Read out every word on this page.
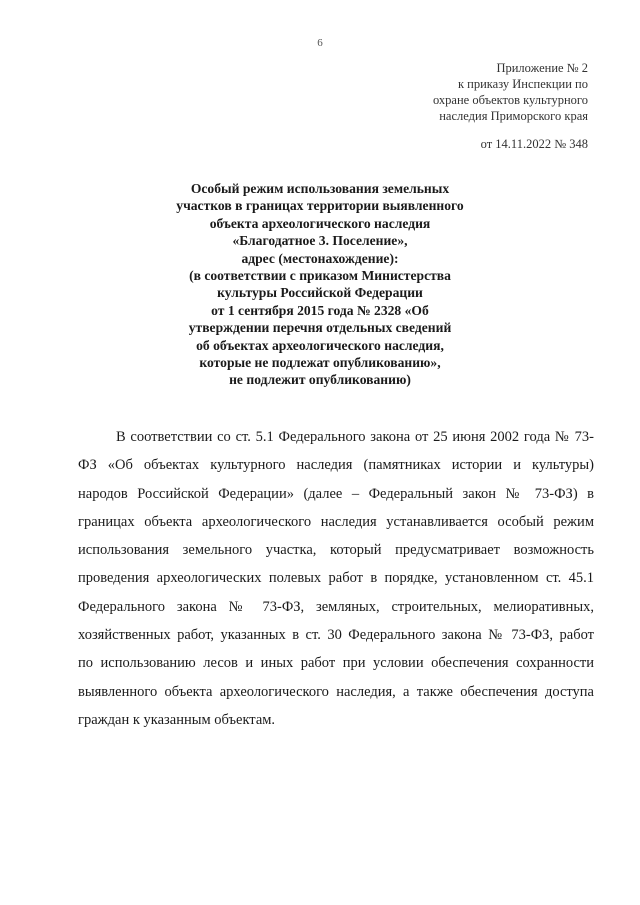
6
Приложение № 2
к приказу Инспекции по
охране объектов культурного
наследия Приморского края
от 14.11.2022 № 348
Особый режим использования земельных
участков в границах территории выявленного
объекта археологического наследия
«Благодатное 3. Поселение»,
адрес (местонахождение):
(в соответствии с приказом Министерства
культуры Российской Федерации
от 1 сентября 2015 года № 2328 «Об
утверждении перечня отдельных сведений
об объектах археологического наследия,
которые не подлежат опубликованию»,
не подлежит опубликованию)
В соответствии со ст. 5.1 Федерального закона от 25 июня 2002 года № 73-
ФЗ «Об объектах культурного наследия (памятниках истории и культуры)
народов Российской Федерации» (далее – Федеральный закон № 73-ФЗ) в
границах объекта археологического наследия устанавливается особый режим
использования земельного участка, который предусматривает возможность
проведения археологических полевых работ в порядке, установленном ст. 45.1
Федерального закона № 73-ФЗ, земляных, строительных, мелиоративных,
хозяйственных работ, указанных в ст. 30 Федерального закона № 73-ФЗ, работ
по использованию лесов и иных работ при условии обеспечения сохранности
выявленного объекта археологического наследия, а также обеспечения доступа
граждан к указанным объектам.
